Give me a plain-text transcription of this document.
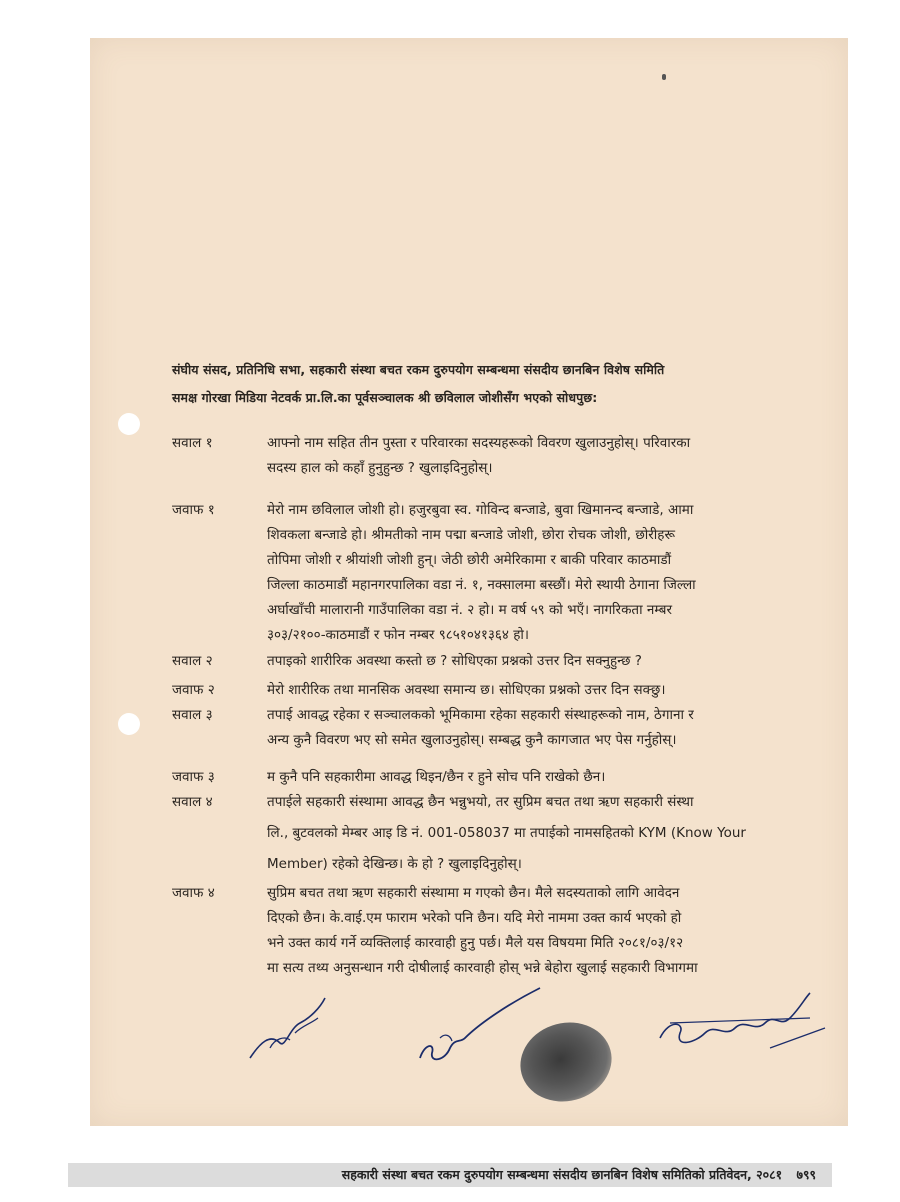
संघीय संसद, प्रतिनिधि सभा, सहकारी संस्था बचत रकम दुरुपयोग सम्बन्धमा संसदीय छानबिन विशेष समिति
समक्ष गोरखा मिडिया नेटवर्क प्रा.लि.का पूर्वसञ्चालक श्री छविलाल जोशीसँग भएको सोधपुछ:
सवाल १	आफ्नो नाम सहित तीन पुस्ता र परिवारका सदस्यहरूको विवरण खुलाउनुहोस्। परिवारका
सदस्य हाल को कहाँ हुनुहुन्छ ? खुलाइदिनुहोस्।
जवाफ १	मेरो नाम छविलाल जोशी हो। हजुरबुवा स्व. गोविन्द बन्जाडे, बुवा खिमानन्द बन्जाडे, आमा
शिवकला बन्जाडे हो। श्रीमतीको नाम पद्मा बन्जाडे जोशी, छोरा रोचक जोशी, छोरीहरू
तोपिमा जोशी र श्रीयांशी जोशी हुन्। जेठी छोरी अमेरिकामा र बाकी परिवार काठमाडौं
जिल्ला काठमाडौं महानगरपालिका वडा नं. १, नक्सालमा बस्छौं। मेरो स्थायी ठेगाना जिल्ला
अर्घाखाँची मालारानी गाउँपालिका वडा नं. २ हो। म वर्ष ५९ को भएँ। नागरिकता नम्बर
३०३/२१००-काठमाडौं र फोन नम्बर ९८५१०४१३६४ हो।
सवाल २	तपाइको शारीरिक अवस्था कस्तो छ ? सोधिएका प्रश्नको उत्तर दिन सक्नुहुन्छ ?
जवाफ २	मेरो शारीरिक तथा मानसिक अवस्था समान्य छ। सोधिएका प्रश्नको उत्तर दिन सक्छु।
सवाल ३	तपाई आवद्ध रहेका र सञ्चालकको भूमिकामा रहेका सहकारी संस्थाहरूको नाम, ठेगाना र
अन्य कुनै विवरण भए सो समेत खुलाउनुहोस्। सम्बद्ध कुनै कागजात भए पेस गर्नुहोस्।
जवाफ ३	म कुनै पनि सहकारीमा आवद्ध थिइन/छैन र हुने सोच पनि राखेको छैन।
सवाल ४	तपाईले सहकारी संस्थामा आवद्ध छैन भन्नुभयो, तर सुप्रिम बचत तथा ऋण सहकारी संस्था
लि., बुटवलको मेम्बर आइ डि नं. 001-058037 मा तपाईको नामसहितको KYM (Know Your
Member) रहेको देखिन्छ। के हो ? खुलाइदिनुहोस्।
जवाफ ४	सुप्रिम बचत तथा ऋण सहकारी संस्थामा म गएको छैन। मैले सदस्यताको लागि आवेदन
दिएको छैन। के.वाई.एम फाराम भरेको पनि छैन। यदि मेरो नाममा उक्त कार्य भएको हो
भने उक्त कार्य गर्ने व्यक्तिलाई कारवाही हुनु पर्छ। मैले यस विषयमा मिति २०८१/०३/१२
मा सत्य तथ्य अनुसन्धान गरी दोषीलाई कारवाही होस् भन्ने बेहोरा खुलाई सहकारी विभागमा
सहकारी संस्था बचत रकम दुरुपयोग सम्बन्धमा संसदीय छानबिन विशेष समितिको प्रतिवेदन, २०८१ ७९९
